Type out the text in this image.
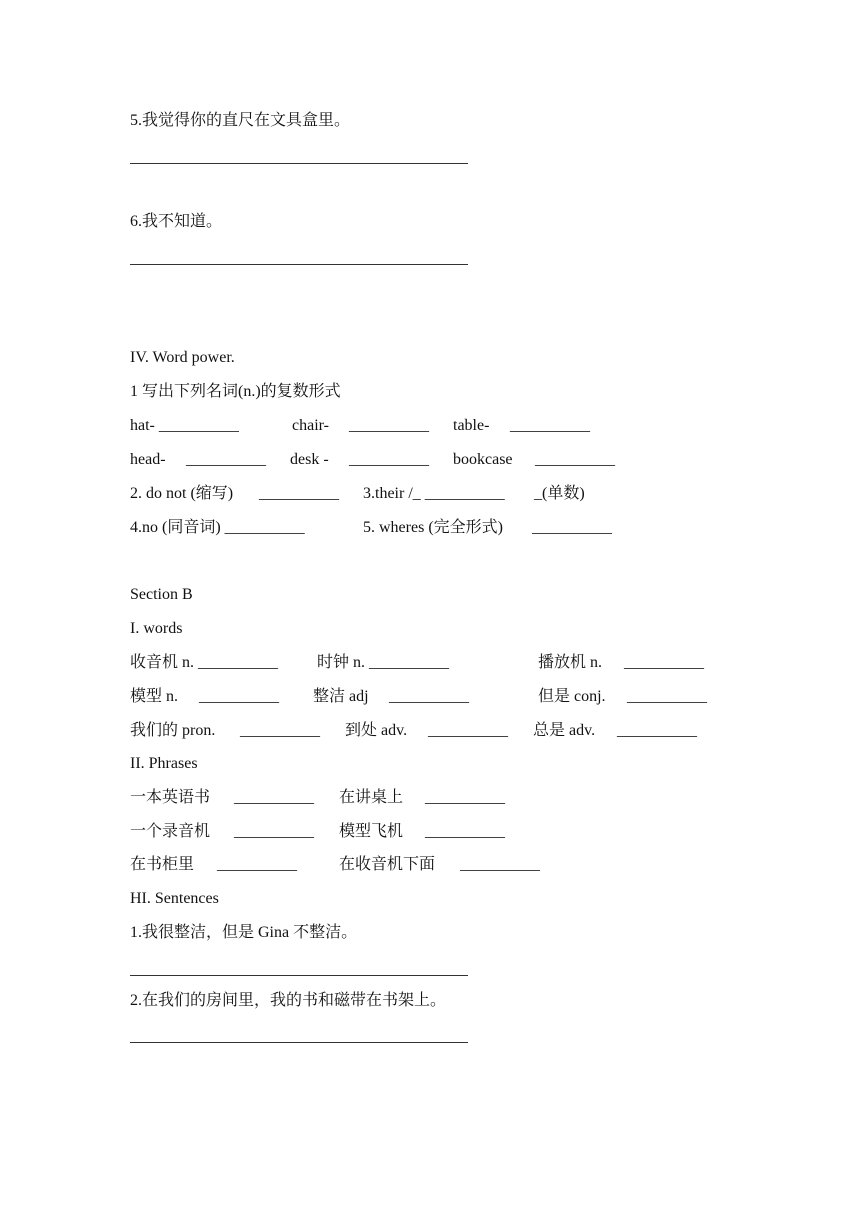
5.我觉得你的直尺在文具盒里。
6.我不知道。
IV. Word power.
1 写出下列名词(n.)的复数形式
hat- __________	chair- __________ table- __________
head- __________ desk - __________ bookcase __________
2. do not (缩写) __________ 3.their /_ __________ _(单数)
4.no (同音词) __________	5. wheres (完全形式) __________
Section B
I. words
收音机 n. __________ 时钟 n. __________	播放机 n. __________
模型 n. __________ 整洁 adj __________	但是 conj. __________
我们的 pron. __________ 到处 adv. __________ 总是 adv. __________
II. Phrases
一本英语书 __________ 在讲桌上 __________
一个录音机 __________ 模型飞机 __________
在书柜里 __________	在收音机下面 __________
HI. Sentences
1.我很整洁，但是 Gina 不整洁。
2.在我们的房间里，我的书和磁带在书架上。
